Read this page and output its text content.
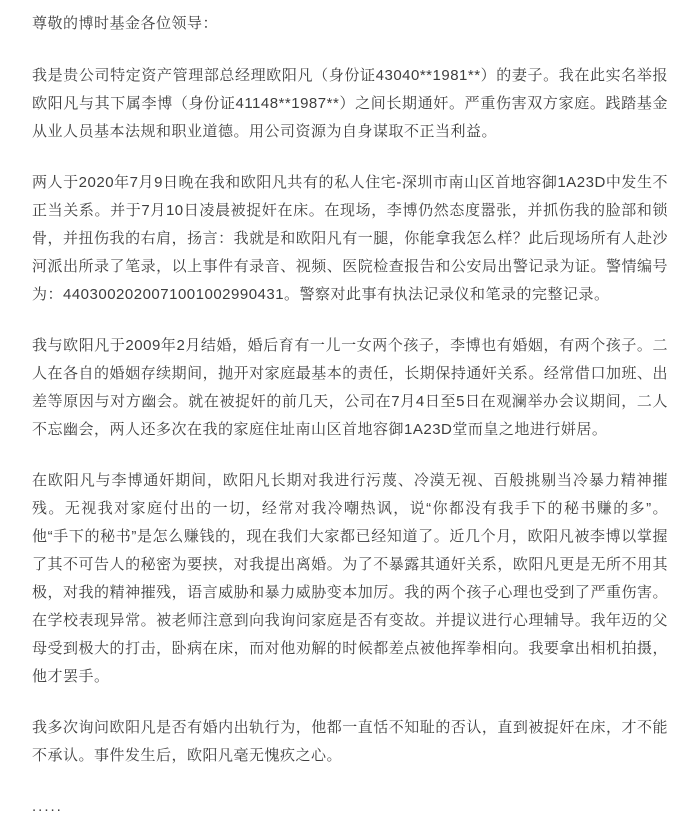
尊敬的博时基金各位领导：

我是贵公司特定资产管理部总经理欧阳凡（身份证43040**1981**）的妻子。我在此实名举报欧阳凡与其下属李博（身份证41148**1987**）之间长期通奸。严重伤害双方家庭。践踏基金从业人员基本法规和职业道德。用公司资源为自身谋取不正当利益。

两人于2020年7月9日晚在我和欧阳凡共有的私人住宅-深圳市南山区首地容御1A23D中发生不正当关系。并于7月10日凌晨被捉奸在床。在现场，李博仍然态度嚣张，并抓伤我的脸部和锁骨，并扭伤我的右肩，扬言：我就是和欧阳凡有一腿，你能拿我怎么样？此后现场所有人赴沙河派出所录了笔录，以上事件有录音、视频、医院检查报告和公安局出警记录为证。警情编号为：4403002020071001002990431。警察对此事有执法记录仪和笔录的完整记录。

我与欧阳凡于2009年2月结婚，婚后育有一儿一女两个孩子，李博也有婚姻，有两个孩子。二人在各自的婚姻存续期间，抛开对家庭最基本的责任，长期保持通奸关系。经常借口加班、出差等原因与对方幽会。就在被捉奸的前几天，公司在7月4日至5日在观澜举办会议期间，二人不忘幽会，两人还多次在我的家庭住址南山区首地容御1A23D堂而皇之地进行姘居。

在欧阳凡与李博通奸期间，欧阳凡长期对我进行污蔑、冷漠无视、百般挑剔当冷暴力精神摧残。无视我对家庭付出的一切，经常对我冷嘲热讽，说“你都没有我手下的秘书赚的多”。他“手下的秘书”是怎么赚钱的，现在我们大家都已经知道了。近几个月，欧阳凡被李博以掌握了其不可告人的秘密为要挟，对我提出离婚。为了不暴露其通奸关系，欧阳凡更是无所不用其极，对我的精神摧残，语言威胁和暴力威胁变本加厉。我的两个孩子心理也受到了严重伤害。在学校表现异常。被老师注意到向我询问家庭是否有变故。并提议进行心理辅导。我年迈的父母受到极大的打击，卧病在床，而对他劝解的时候都差点被他挥拳相向。我要拿出相机拍摄，他才罢手。

我多次询问欧阳凡是否有婚内出轨行为，他都一直恬不知耻的否认，直到被捉奸在床，才不能不承认。事件发生后，欧阳凡毫无愧疚之心。

.....
